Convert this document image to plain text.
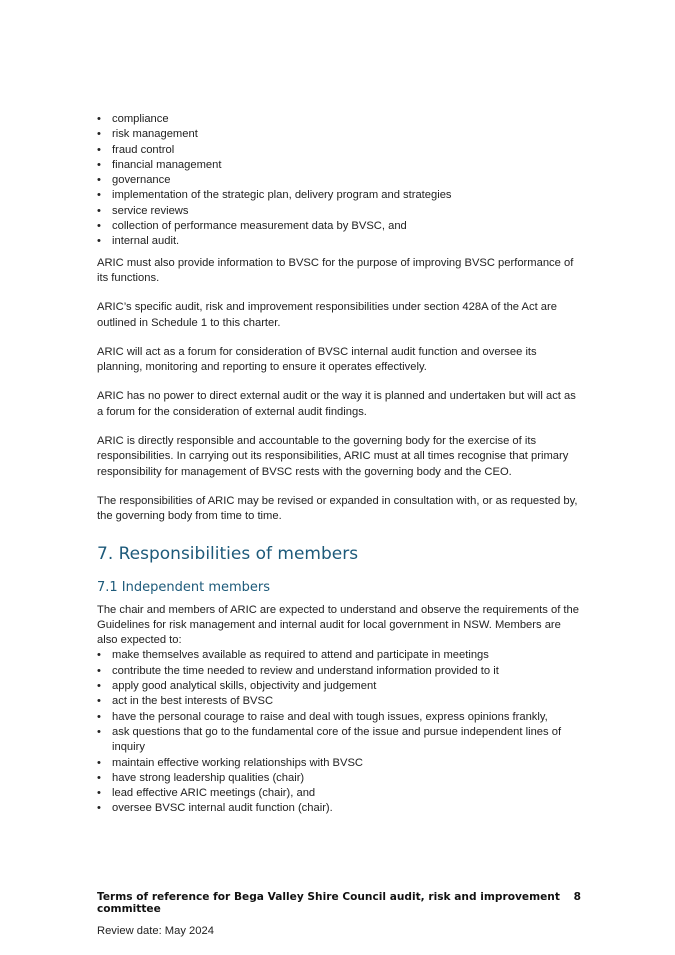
• compliance
• risk management
• fraud control
• financial management
• governance
• implementation of the strategic plan, delivery program and strategies
• service reviews
• collection of performance measurement data by BVSC, and
• internal audit.

ARIC must also provide information to BVSC for the purpose of improving BVSC performance of its functions.

ARIC’s specific audit, risk and improvement responsibilities under section 428A of the Act are outlined in Schedule 1 to this charter.

ARIC will act as a forum for consideration of BVSC internal audit function and oversee its planning, monitoring and reporting to ensure it operates effectively.

ARIC has no power to direct external audit or the way it is planned and undertaken but will act as a forum for the consideration of external audit findings.

ARIC is directly responsible and accountable to the governing body for the exercise of its responsibilities. In carrying out its responsibilities, ARIC must at all times recognise that primary responsibility for management of BVSC rests with the governing body and the CEO.

The responsibilities of ARIC may be revised or expanded in consultation with, or as requested by, the governing body from time to time.

7. Responsibilities of members
7.1 Independent members

The chair and members of ARIC are expected to understand and observe the requirements of the Guidelines for risk management and internal audit for local government in NSW. Members are also expected to:

• make themselves available as required to attend and participate in meetings
• contribute the time needed to review and understand information provided to it
• apply good analytical skills, objectivity and judgement
• act in the best interests of BVSC
• have the personal courage to raise and deal with tough issues, express opinions frankly,
• ask questions that go to the fundamental core of the issue and pursue independent lines of inquiry
• maintain effective working relationships with BVSC
• have strong leadership qualities (chair)
• lead effective ARIC meetings (chair), and
• oversee BVSC internal audit function (chair).
Terms of reference for Bega Valley Shire Council audit, risk and improvement committee
8
Review date: May 2024
